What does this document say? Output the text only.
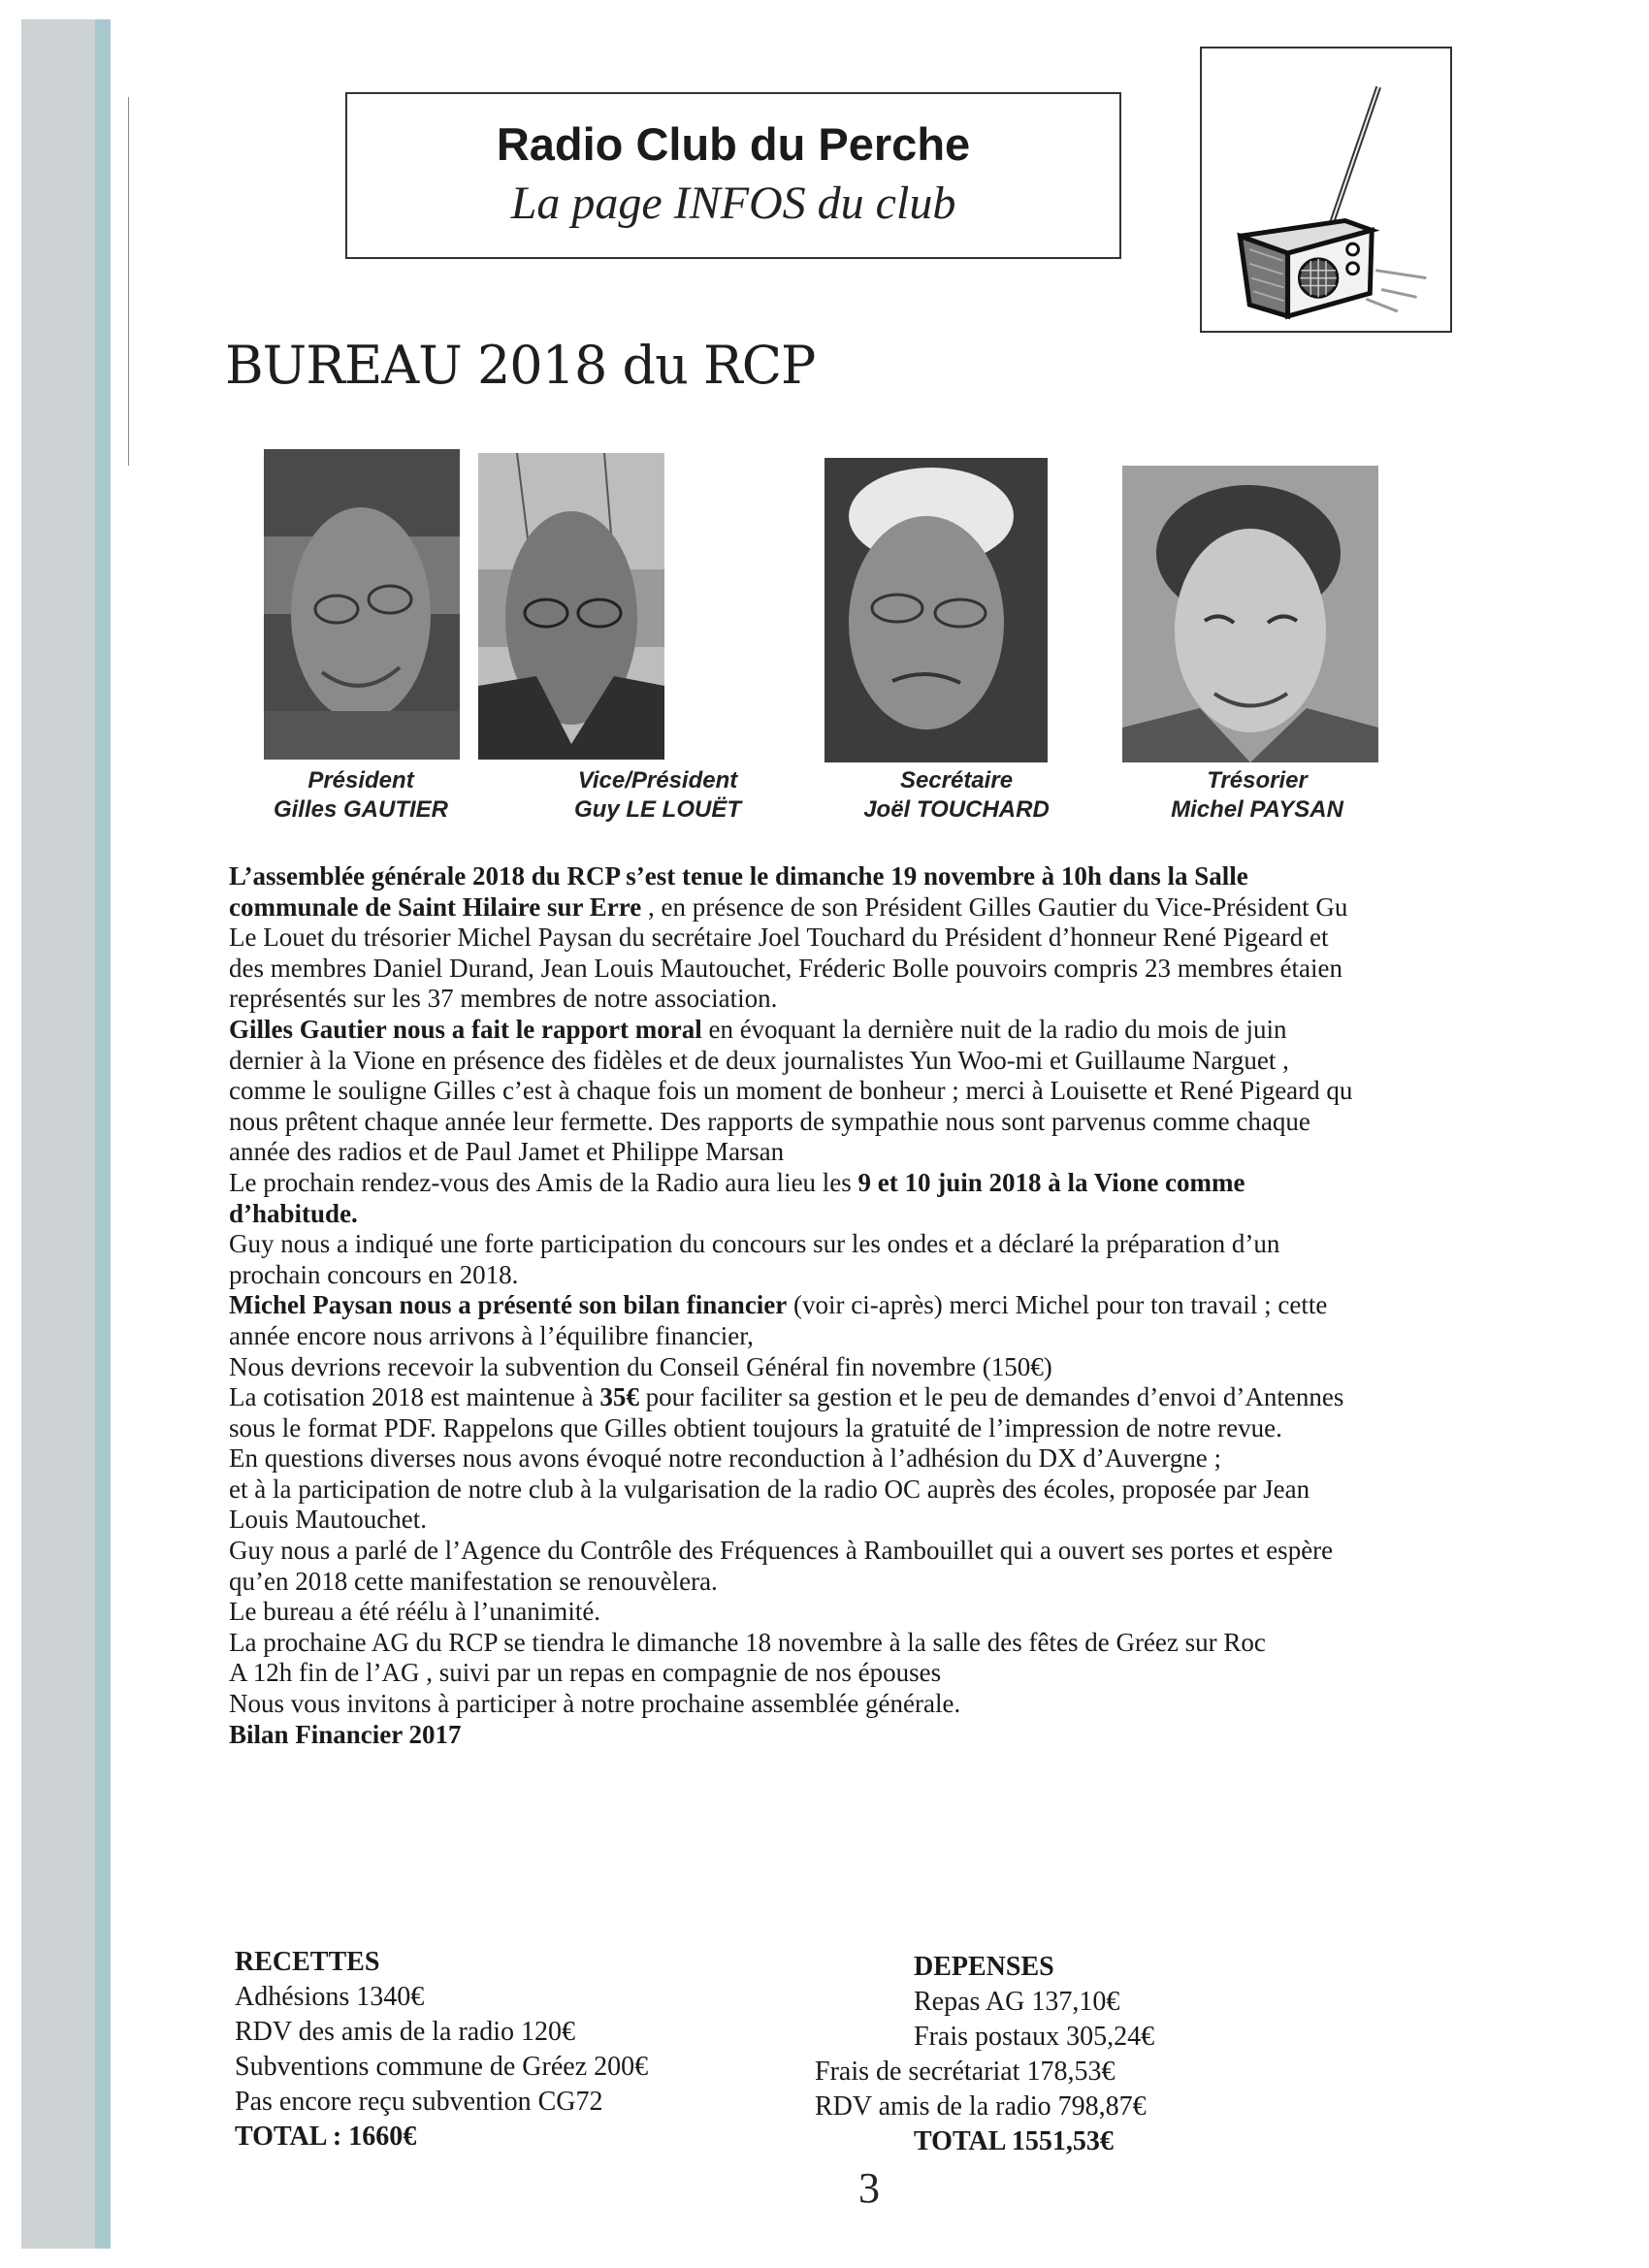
Radio Club du Perche
La page INFOS du club
BUREAU 2018 du RCP
Président
Gilles GAUTIER
Vice/Président
Guy LE LOUËT
Secrétaire
Joël TOUCHARD
Trésorier
Michel PAYSAN
L’assemblée générale 2018 du RCP s’est tenue le dimanche 19 novembre à 10h dans la Salle
communale de Saint Hilaire sur Erre , en présence de son Président Gilles Gautier du Vice-Président Gu
Le Louet du trésorier Michel Paysan du secrétaire Joel Touchard du Président d’honneur René Pigeard et
des membres Daniel Durand, Jean Louis Mautouchet, Fréderic Bolle pouvoirs compris 23 membres étaien
représentés sur les 37 membres de notre association.
Gilles Gautier nous a fait le rapport moral en évoquant la dernière nuit de la radio du mois de juin
dernier à la Vione en présence des fidèles et de deux journalistes Yun Woo-mi et Guillaume Narguet ,
comme le souligne Gilles c’est à chaque fois un moment de bonheur ; merci à Louisette et René Pigeard qu
nous prêtent chaque année leur fermette. Des rapports de sympathie nous sont parvenus comme chaque
année des radios et de Paul Jamet et Philippe Marsan
Le prochain rendez-vous des Amis de la Radio aura lieu les 9 et 10 juin 2018 à la Vione comme
d’habitude.
Guy nous a indiqué une forte participation du concours sur les ondes et a déclaré la préparation d’un
prochain concours en 2018.
Michel Paysan nous a présenté son bilan financier (voir ci-après) merci Michel pour ton travail ; cette
année encore nous arrivons à l’équilibre financier,
Nous devrions recevoir la subvention du Conseil Général fin novembre (150€)
La cotisation 2018 est maintenue à 35€ pour faciliter sa gestion et le peu de demandes d’envoi d’Antennes
sous le format PDF. Rappelons que Gilles obtient toujours la gratuité de l’impression de notre revue.
En questions diverses nous avons évoqué notre reconduction à l’adhésion du DX d’Auvergne ;
et à la participation de notre club à la vulgarisation de la radio OC auprès des écoles, proposée par Jean
Louis Mautouchet.
Guy nous a parlé de l’Agence du Contrôle des Fréquences à Rambouillet qui a ouvert ses portes et espère
qu’en 2018 cette manifestation se renouvèlera.
Le bureau a été réélu à l’unanimité.
La prochaine AG du RCP se tiendra le dimanche 18 novembre à la salle des fêtes de Gréez sur Roc
A 12h fin de l’AG , suivi par un repas en compagnie de nos épouses
Nous vous invitons à participer à notre prochaine assemblée générale.
Bilan Financier 2017
RECETTES
Adhésions 1340€
RDV des amis de la radio 120€
Subventions commune de Gréez 200€
Pas encore reçu subvention CG72
TOTAL : 1660€
DEPENSES
Repas AG 137,10€
Frais postaux 305,24€
Frais de secrétariat 178,53€
RDV amis de la radio 798,87€
TOTAL 1551,53€
3
